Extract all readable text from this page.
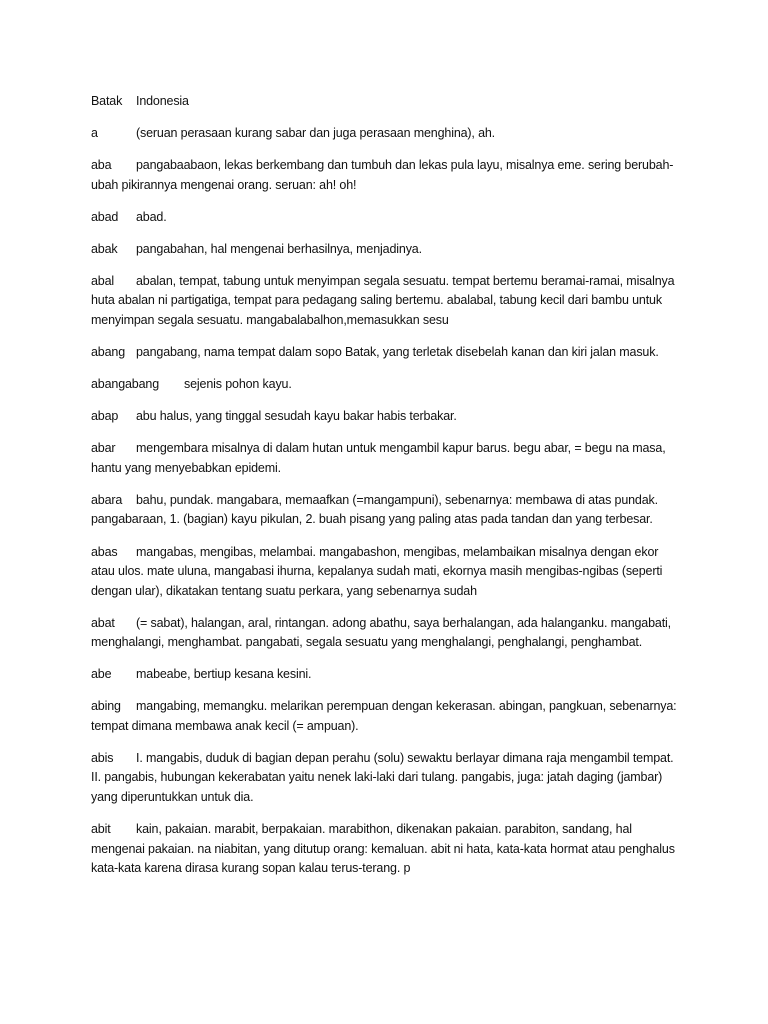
Batak Indonesia

a	(seruan perasaan kurang sabar dan juga perasaan menghina), ah.

aba pangabaabaon, lekas berkembang dan tumbuh dan lekas pula layu, misalnya eme. sering berubah-ubah pikirannya mengenai orang. seruan: ah! oh!

abad abad.

abak pangabahan, hal mengenai berhasilnya, menjadinya.

abal abalan, tempat, tabung untuk menyimpan segala sesuatu. tempat bertemu beramai-ramai, misalnya huta abalan ni partigatiga, tempat para pedagang saling bertemu. abalabal, tabung kecil dari bambu untuk menyimpan segala sesuatu. mangabalabalhon,memasukkan sesu

abang pangabang, nama tempat dalam sopo Batak, yang terletak disebelah kanan dan kiri jalan masuk.

abangabang sejenis pohon kayu.

abap abu halus, yang tinggal sesudah kayu bakar habis terbakar.

abar mengembara misalnya di dalam hutan untuk mengambil kapur barus. begu abar, = begu na masa, hantu yang menyebabkan epidemi.

abara bahu, pundak. mangabara, memaafkan (=mangampuni), sebenarnya: membawa di atas pundak. pangabaraan, 1. (bagian) kayu pikulan, 2. buah pisang yang paling atas pada tandan dan yang terbesar.

abas mangabas, mengibas, melambai. mangabashon, mengibas, melambaikan misalnya dengan ekor atau ulos. mate uluna, mangabasi ihurna, kepalanya sudah mati, ekornya masih mengibas-ngibas (seperti dengan ular), dikatakan tentang suatu perkara, yang sebenarnya sudah

abat (= sabat), halangan, aral, rintangan. adong abathu, saya berhalangan, ada halanganku. mangabati, menghalangi, menghambat. pangabati, segala sesuatu yang menghalangi, penghalangi, penghambat.

abe mabeabe, bertiup kesana kesini.

abing mangabing, memangku. melarikan perempuan dengan kekerasan. abingan, pangkuan, sebenarnya: tempat dimana membawa anak kecil (= ampuan).

abis I. mangabis, duduk di bagian depan perahu (solu) sewaktu berlayar dimana raja mengambil tempat. II. pangabis, hubungan kekerabatan yaitu nenek laki-laki dari tulang. pangabis, juga: jatah daging (jambar) yang diperuntukkan untuk dia.

abit kain, pakaian. marabit, berpakaian. marabithon, dikenakan pakaian. parabiton, sandang, hal mengenai pakaian. na niabitan, yang ditutup orang: kemaluan. abit ni hata, kata-kata hormat atau penghalus kata-kata karena dirasa kurang sopan kalau terus-terang. p
